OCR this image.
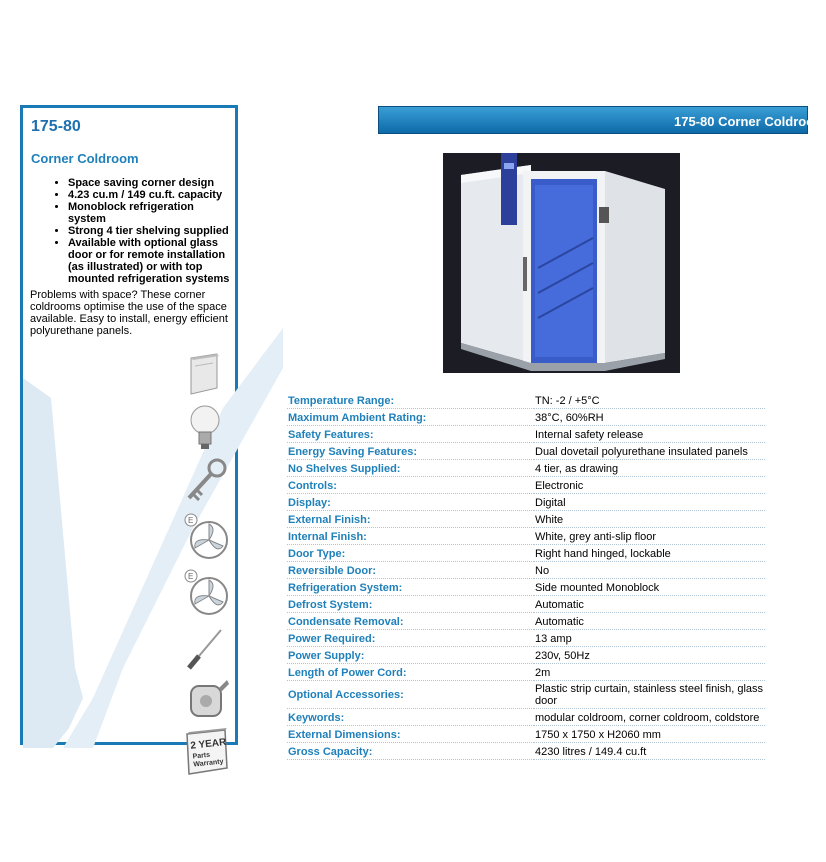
175-80
Corner Coldroom
• Space saving corner design
• 4.23 cu.m / 149 cu.ft. capacity
• Monoblock refrigeration system
• Strong 4 tier shelving supplied
• Available with optional glass door or for remote installation (as illustrated) or with top mounted refrigeration systems
Problems with space? These corner coldrooms optimise the use of the space available. Easy to install, energy efficient polyurethane panels.
E
E
2 YEAR
Parts
Warranty
175-80 Corner Coldroom
Temperature Range:	TN: -2 / +5°C
Maximum Ambient Rating:	38°C, 60%RH
Safety Features:	Internal safety release
Energy Saving Features:	Dual dovetail polyurethane insulated panels
No Shelves Supplied:	4 tier, as drawing
Controls:	Electronic
Display:	Digital
External Finish:	White
Internal Finish:	White, grey anti-slip floor
Door Type:	Right hand hinged, lockable
Reversible Door:	No
Refrigeration System:	Side mounted Monoblock
Defrost System:	Automatic
Condensate Removal:	Automatic
Power Required:	13 amp
Power Supply:	230v, 50Hz
Length of Power Cord:	2m
Optional Accessories:	Plastic strip curtain, stainless steel finish, glass door
Keywords:	modular coldroom, corner coldroom, coldstore
External Dimensions:	1750 x 1750 x H2060 mm
Gross Capacity:	4230 litres / 149.4 cu.ft
